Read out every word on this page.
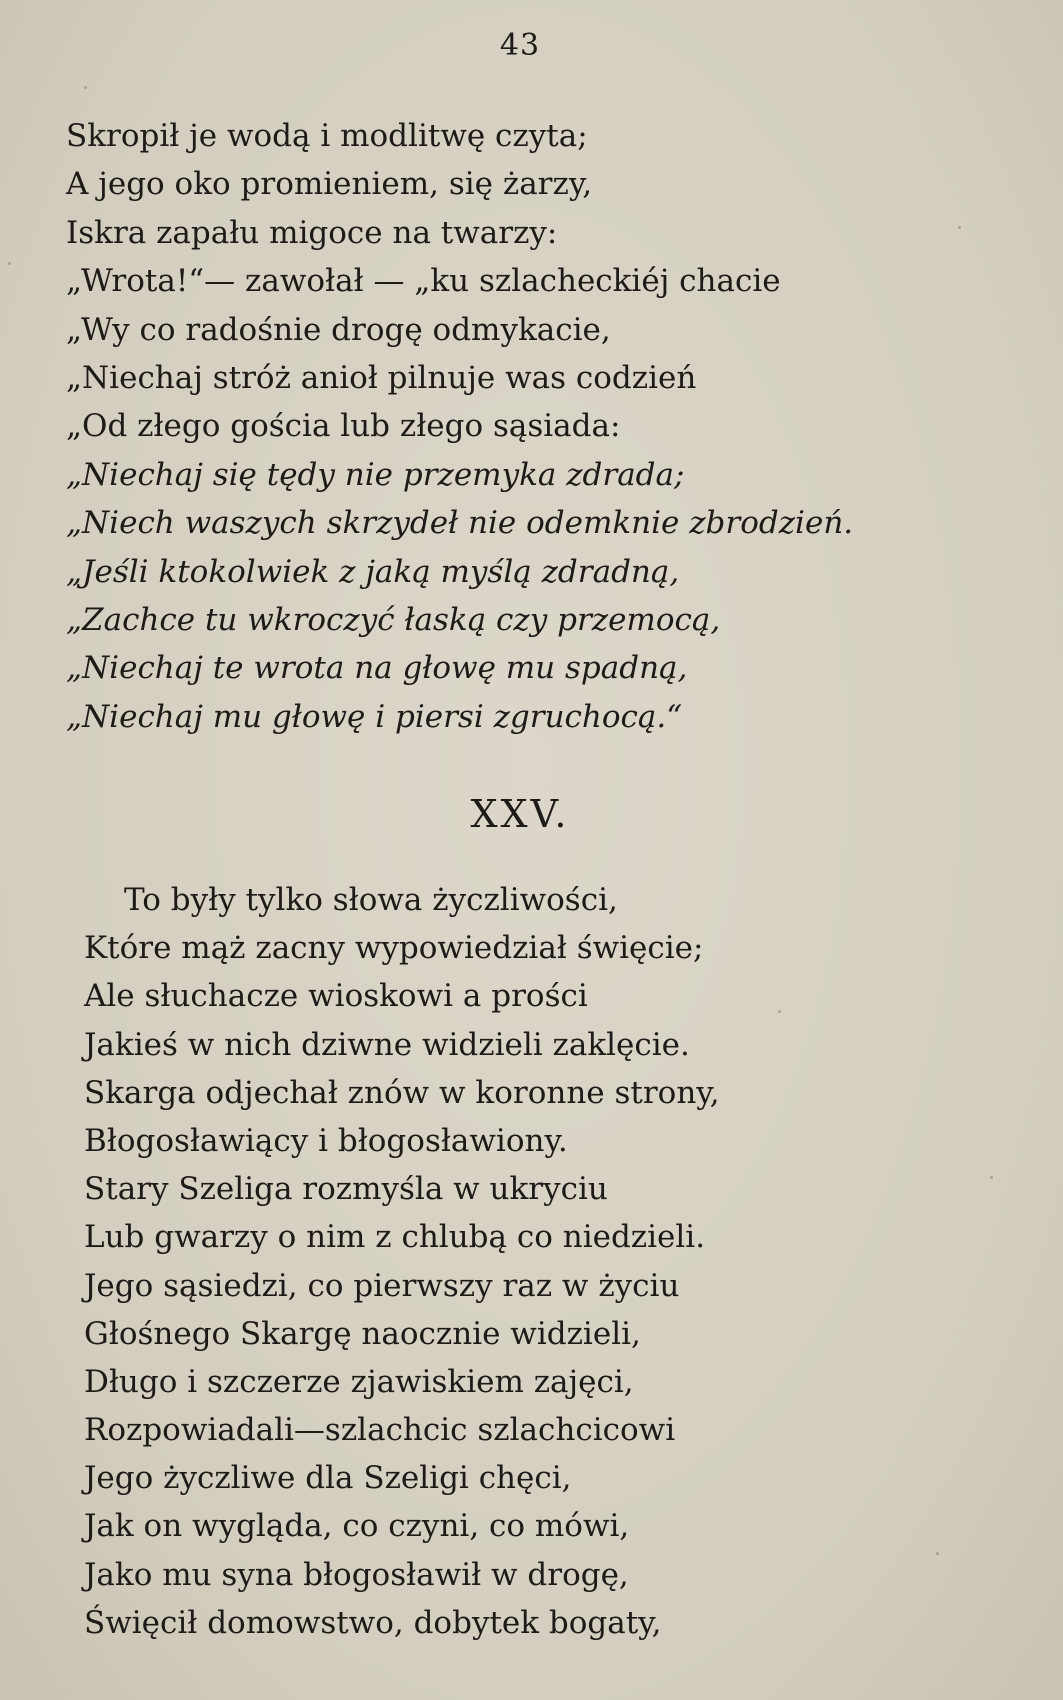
43
Skropił je wodą i modlitwę czyta;
A jego oko promieniem, się żarzy,
Iskra zapału migoce na twarzy:
„Wrota!“— zawołał — „ku szlacheckiéj chacie
„Wy co radośnie drogę odmykacie,
„Niechaj stróż anioł pilnuje was codzień
„Od złego gościa lub złego sąsiada:
„Niechaj się tędy nie przemyka zdrada;
„Niech waszych skrzydeł nie odemknie zbrodzień.
„Jeśli ktokolwiek z jaką myślą zdradną,
„Zachce tu wkroczyć łaską czy przemocą,
„Niechaj te wrota na głowę mu spadną,
„Niechaj mu głowę i piersi zgruchocą.“
XXV.
To były tylko słowa życzliwości,
Które mąż zacny wypowiedział święcie;
Ale słuchacze wioskowi a prości
Jakieś w nich dziwne widzieli zaklęcie.
Skarga odjechał znów w koronne strony,
Błogosławiący i błogosławiony.
Stary Szeliga rozmyśla w ukryciu
Lub gwarzy o nim z chlubą co niedzieli.
Jego sąsiedzi, co pierwszy raz w życiu
Głośnego Skargę naocznie widzieli,
Długo i szczerze zjawiskiem zajęci,
Rozpowiadali—szlachcic szlachcicowi
Jego życzliwe dla Szeligi chęci,
Jak on wygląda, co czyni, co mówi,
Jako mu syna błogosławił w drogę,
Święcił domowstwo, dobytek bogaty,
